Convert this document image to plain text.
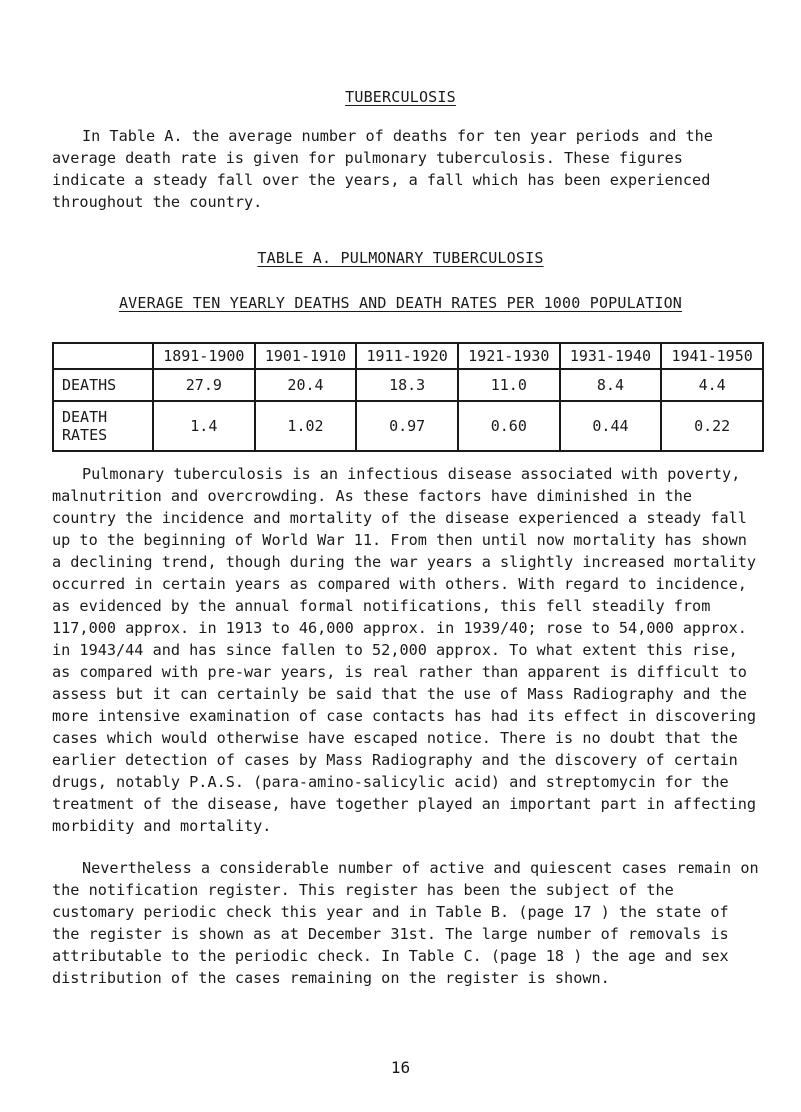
TUBERCULOSIS

In Table A. the average number of deaths for ten year periods and the average death rate is given for pulmonary tuberculosis. These figures indicate a steady fall over the years, a fall which has been experienced throughout the country.

TABLE A. PULMONARY TUBERCULOSIS
AVERAGE TEN YEARLY DEATHS AND DEATH RATES PER 1000 POPULATION
	1891-1900	1901-1910	1911-1920	1921-1930	1931-1940	1941-1950
DEATHS	27.9	20.4	18.3	11.0	8.4	4.4
DEATH RATES	1.4	1.02	0.97	0.60	0.44	0.22

Pulmonary tuberculosis is an infectious disease associated with poverty, malnutrition and overcrowding. As these factors have diminished in the country the incidence and mortality of the disease experienced a steady fall up to the beginning of World War 11. From then until now mortality has shown a declining trend, though during the war years a slightly increased mortality occurred in certain years as compared with others. With regard to incidence, as evidenced by the annual formal notifications, this fell steadily from 117,000 approx. in 1913 to 46,000 approx. in 1939/40; rose to 54,000 approx. in 1943/44 and has since fallen to 52,000 approx. To what extent this rise, as compared with pre-war years, is real rather than apparent is difficult to assess but it can certainly be said that the use of Mass Radiography and the more intensive examination of case contacts has had its effect in discovering cases which would otherwise have escaped notice. There is no doubt that the earlier detection of cases by Mass Radiography and the discovery of certain drugs, notably P.A.S. (para-amino-salicylic acid) and streptomycin for the treatment of the disease, have together played an important part in affecting morbidity and mortality.

Nevertheless a considerable number of active and quiescent cases remain on the notification register. This register has been the subject of the customary periodic check this year and in Table B. (page 17 ) the state of the register is shown as at December 31st. The large number of removals is attributable to the periodic check. In Table C. (page 18 ) the age and sex distribution of the cases remaining on the register is shown.

16
